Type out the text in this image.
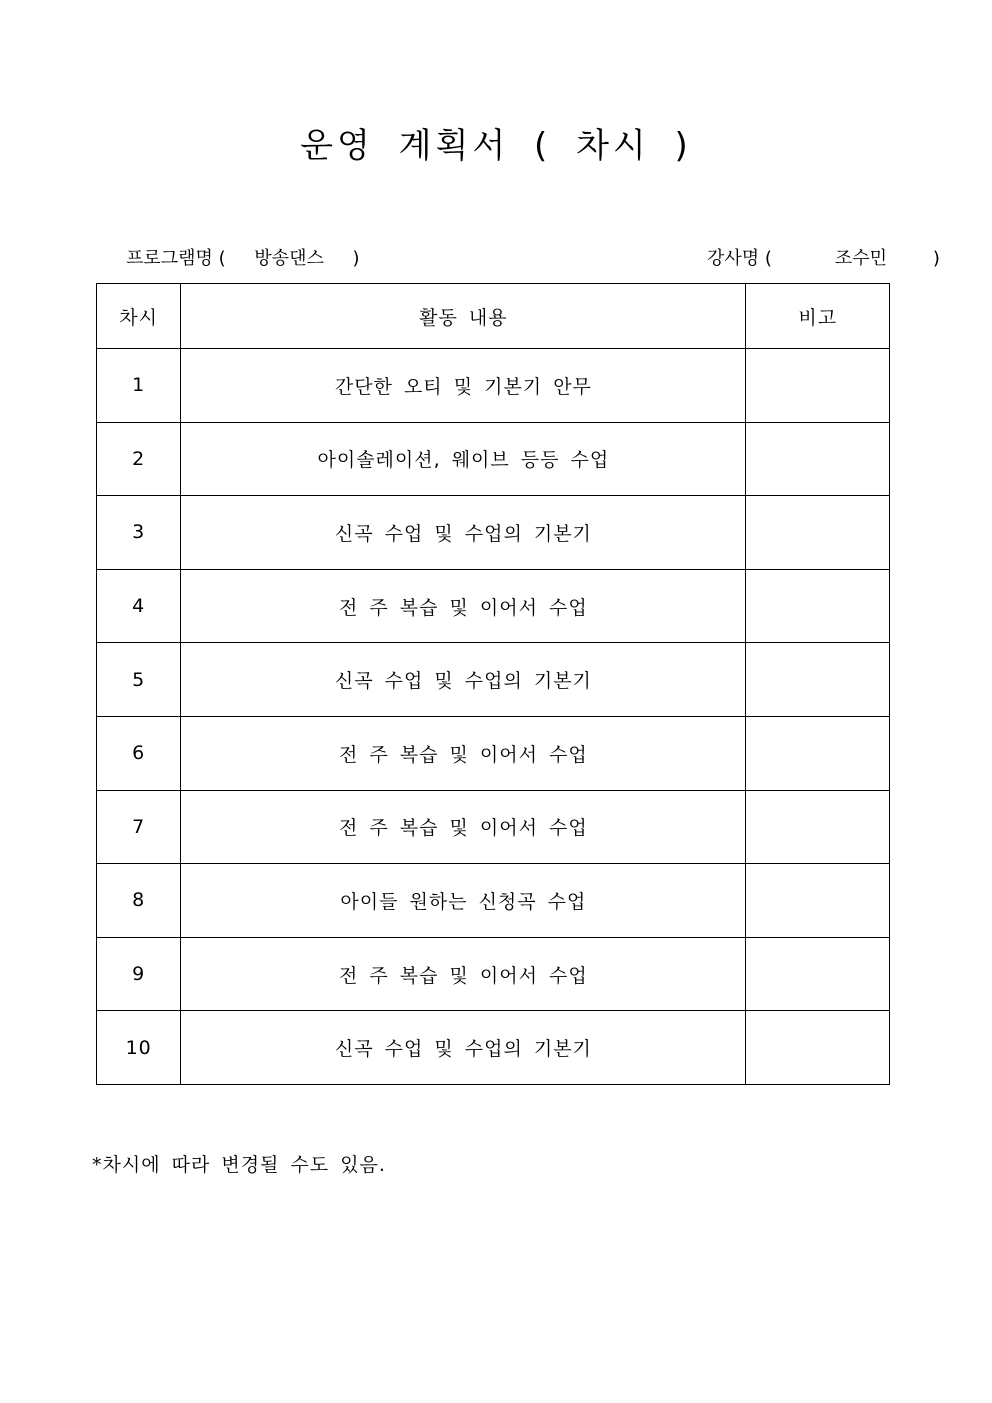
운영 계획서 ( 차시 )
프로그램명 ( 방송댄스 )	강사명 (	조수민	)
차시	활동 내용	비고
1	간단한 오티 및 기본기 안무	
2	아이솔레이션, 웨이브 등등 수업	
3	신곡 수업 및 수업의 기본기	
4	전 주 복습 및 이어서 수업	
5	신곡 수업 및 수업의 기본기	
6	전 주 복습 및 이어서 수업	
7	전 주 복습 및 이어서 수업	
8	아이들 원하는 신청곡 수업	
9	전 주 복습 및 이어서 수업	
10	신곡 수업 및 수업의 기본기	
*차시에 따라 변경될 수도 있음.
